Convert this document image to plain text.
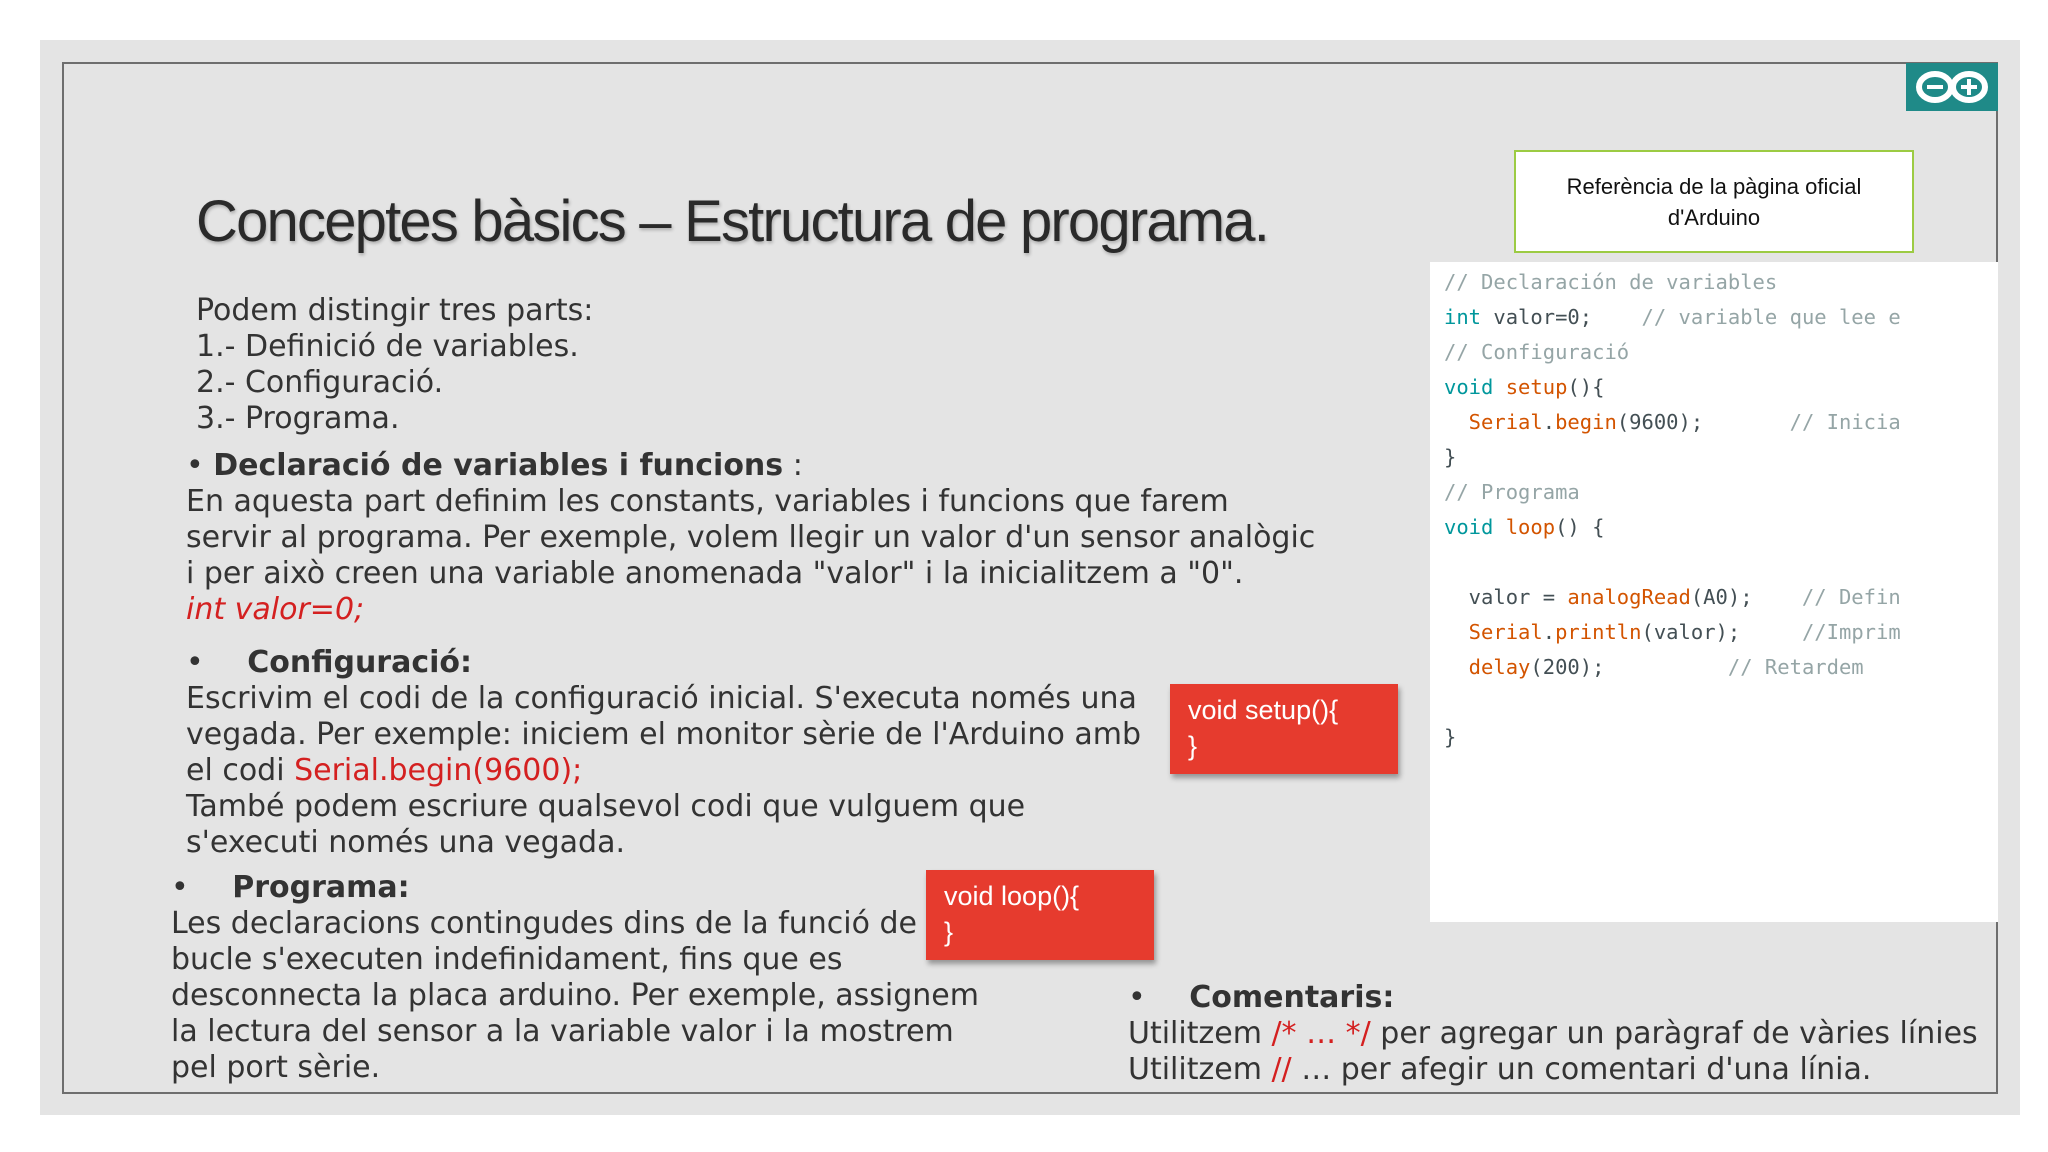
Conceptes bàsics – Estructura de programa.
Referència de la pàgina oficial
d'Arduino
Podem distingir tres parts:
1.- Definició de variables.
2.- Configuració.
3.- Programa.
• Declaració de variables i funcions :
En aquesta part definim les constants, variables i funcions que farem
servir al programa. Per exemple, volem llegir un valor d'un sensor analògic
i per això creen una variable anomenada "valor" i la inicialitzem a "0".
int valor=0;
• Configuració:
Escrivim el codi de la configuració inicial. S'executa només una
vegada. Per exemple: iniciem el monitor sèrie de l'Arduino amb
el codi Serial.begin(9600);
També podem escriure qualsevol codi que vulguem que
s'executi només una vegada.
• Programa:
Les declaracions contingudes dins de la funció de
bucle s'executen indefinidament, fins que es
desconnecta la placa arduino. Per exemple, assignem
la lectura del sensor a la variable valor i la mostrem
pel port sèrie.
• Comentaris:
Utilitzem /* … */ per agregar un paràgraf de vàries línies
Utilitzem // … per afegir un comentari d'una línia.
void setup(){
}
void loop(){
}
// Declaración de variables
int valor=0;    // variable que lee e
// Configuració
void setup(){
Serial.begin(9600);       // Inicia
}
// Programa
void loop() {
valor = analogRead(A0);    // Defin
Serial.println(valor);     //Imprim
delay(200);          // Retardem
}
